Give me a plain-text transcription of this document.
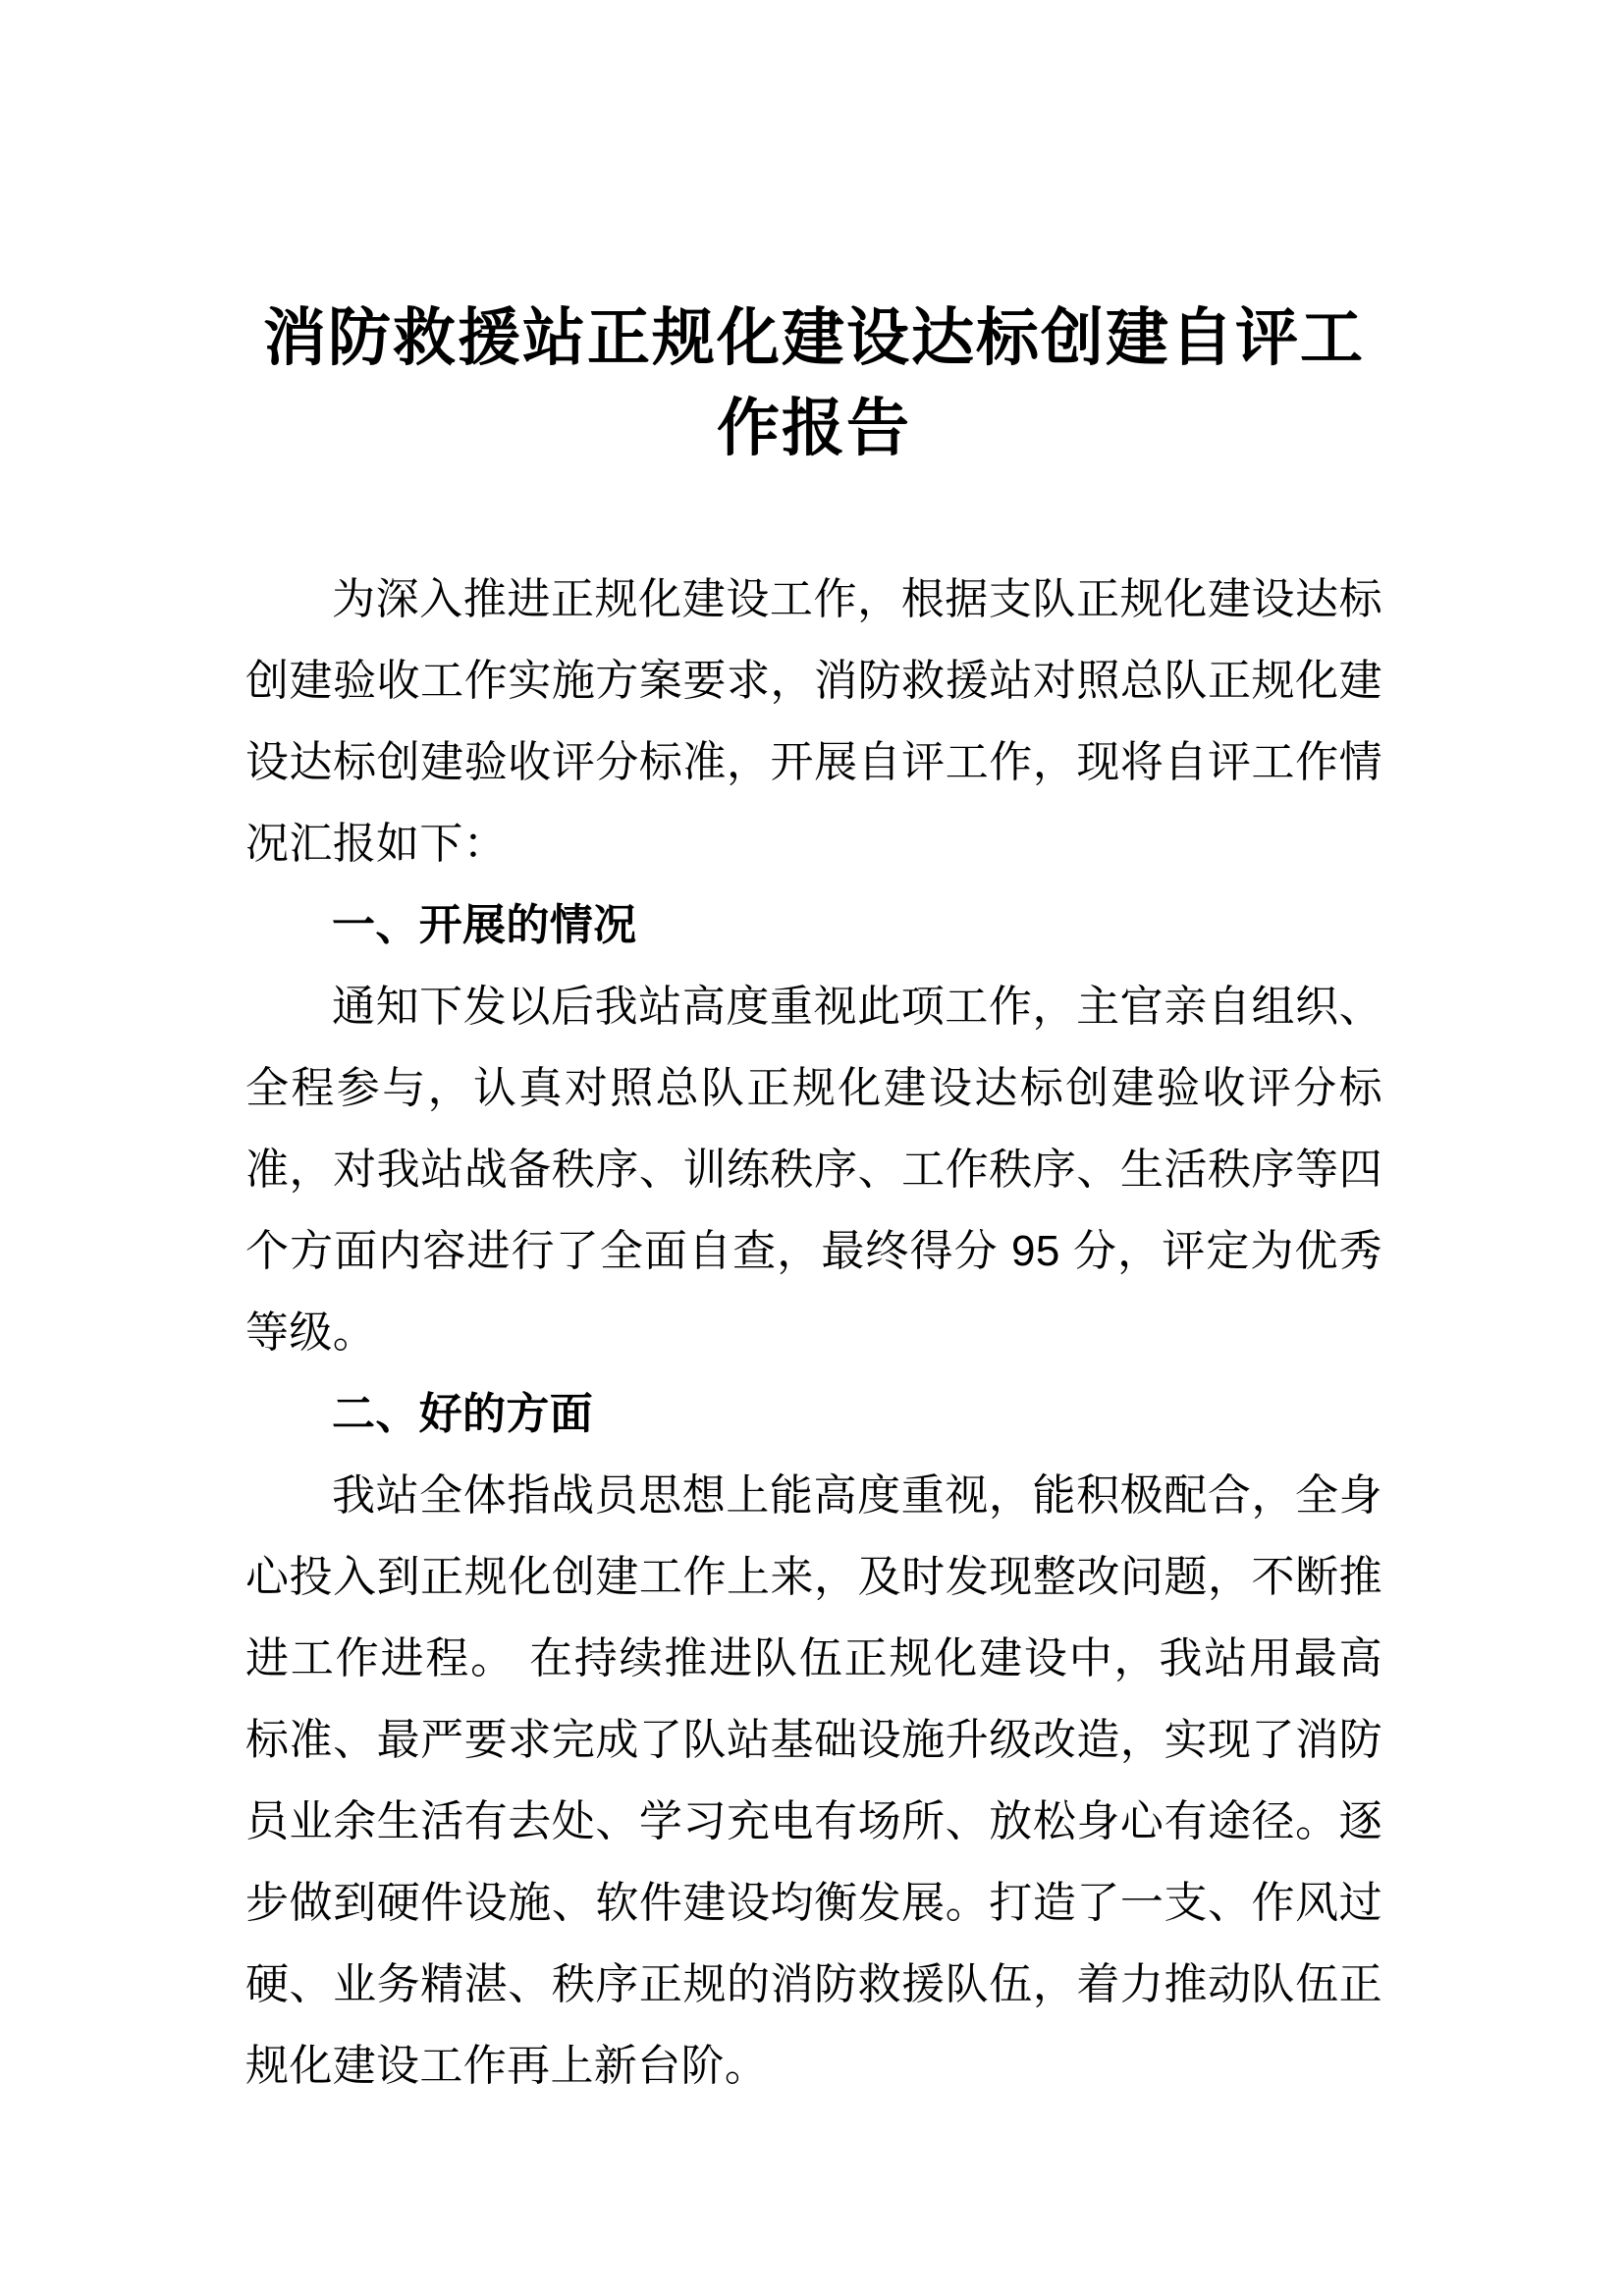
消防救援站正规化建设达标创建自评工作报告

为深入推进正规化建设工作，根据支队正规化建设达标创建验收工作实施方案要求，消防救援站对照总队正规化建设达标创建验收评分标准，开展自评工作，现将自评工作情况汇报如下：

一、开展的情况

通知下发以后我站高度重视此项工作，主官亲自组织、全程参与，认真对照总队正规化建设达标创建验收评分标准，对我站战备秩序、训练秩序、工作秩序、生活秩序等四个方面内容进行了全面自查，最终得分 95 分，评定为优秀等级。

二、好的方面

我站全体指战员思想上能高度重视，能积极配合，全身心投入到正规化创建工作上来，及时发现整改问题，不断推进工作进程。 在持续推进队伍正规化建设中，我站用最高标准、最严要求完成了队站基础设施升级改造，实现了消防员业余生活有去处、学习充电有场所、放松身心有途径。逐步做到硬件设施、软件建设均衡发展。打造了一支、作风过硬、业务精湛、秩序正规的消防救援队伍，着力推动队伍正规化建设工作再上新台阶。
